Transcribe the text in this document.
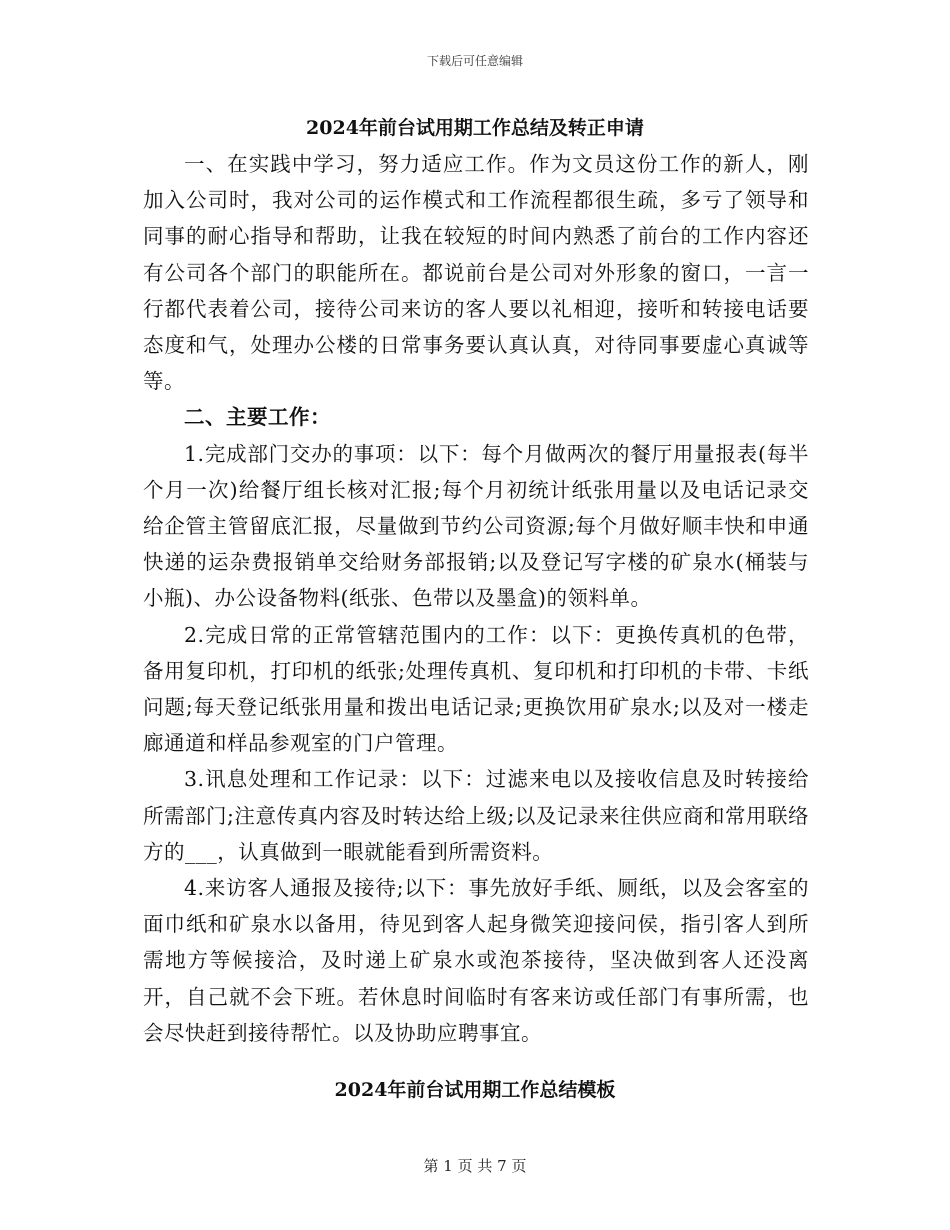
下载后可任意编辑
2024年前台试用期工作总结及转正申请

一、在实践中学习，努力适应工作。作为文员这份工作的新人，刚加入公司时，我对公司的运作模式和工作流程都很生疏，多亏了领导和同事的耐心指导和帮助，让我在较短的时间内熟悉了前台的工作内容还有公司各个部门的职能所在。都说前台是公司对外形象的窗口，一言一行都代表着公司，接待公司来访的客人要以礼相迎，接听和转接电话要态度和气，处理办公楼的日常事务要认真认真，对待同事要虚心真诚等等。

二、主要工作：

1.完成部门交办的事项：以下：每个月做两次的餐厅用量报表(每半个月一次)给餐厅组长核对汇报;每个月初统计纸张用量以及电话记录交给企管主管留底汇报，尽量做到节约公司资源;每个月做好顺丰快和申通快递的运杂费报销单交给财务部报销;以及登记写字楼的矿泉水(桶装与小瓶)、办公设备物料(纸张、色带以及墨盒)的领料单。

2.完成日常的正常管辖范围内的工作：以下：更换传真机的色带，备用复印机，打印机的纸张;处理传真机、复印机和打印机的卡带、卡纸问题;每天登记纸张用量和拨出电话记录;更换饮用矿泉水;以及对一楼走廊通道和样品参观室的门户管理。

3.讯息处理和工作记录：以下：过滤来电以及接收信息及时转接给所需部门;注意传真内容及时转达给上级;以及记录来往供应商和常用联络方的___，认真做到一眼就能看到所需资料。

4.来访客人通报及接待;以下：事先放好手纸、厕纸，以及会客室的面巾纸和矿泉水以备用，待见到客人起身微笑迎接问侯，指引客人到所需地方等候接洽，及时递上矿泉水或泡茶接待，坚决做到客人还没离开，自己就不会下班。若休息时间临时有客来访或任部门有事所需，也会尽快赶到接待帮忙。以及协助应聘事宜。

2024年前台试用期工作总结模板
第 1 页 共 7 页
